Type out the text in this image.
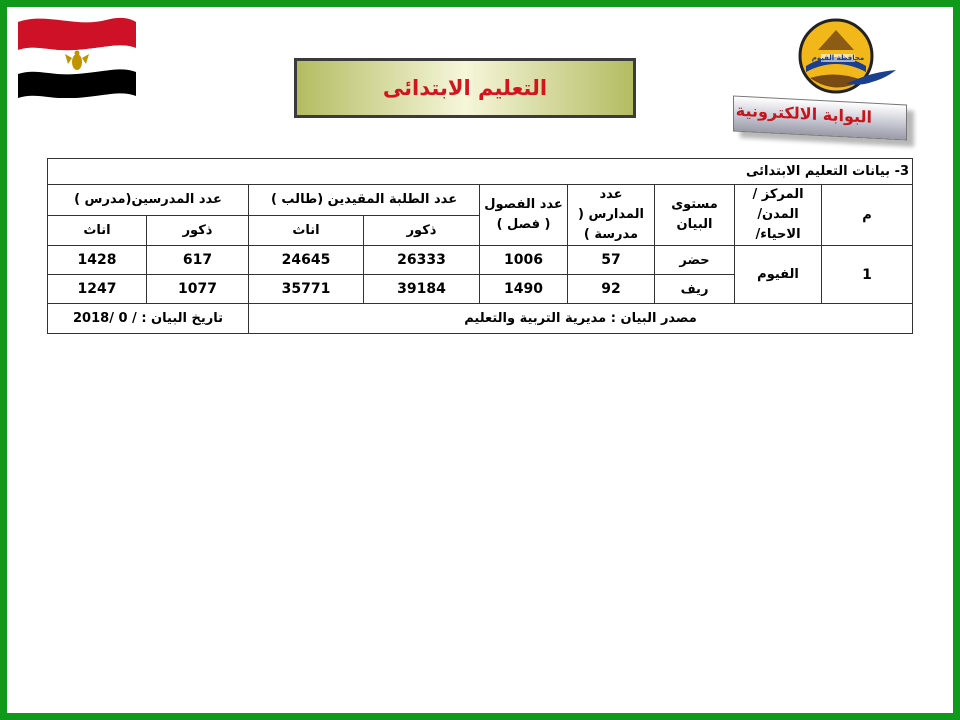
محافظة الفيوم
البوابة الالكترونية
التعليم الابتدائى
3- بيانات التعليم الابتدائى								
م	المركز /المدن/الاحياء/	مستوى البيان	عدد المدارس ( مدرسة )	عدد الفصول ( فصل )	عدد الطلبة المقيدين (طالب )		عدد المدرسين(مدرس )	
					ذكور	اناث	ذكور	اناث
1	الفيوم	حضر	57	1006	26333	24645	617	1428
		ريف	92	1490	39184	35771	1077	1247
مصدر البيان : مديرية التربية والتعليم							تاريخ البيان : / 0 /2018	
